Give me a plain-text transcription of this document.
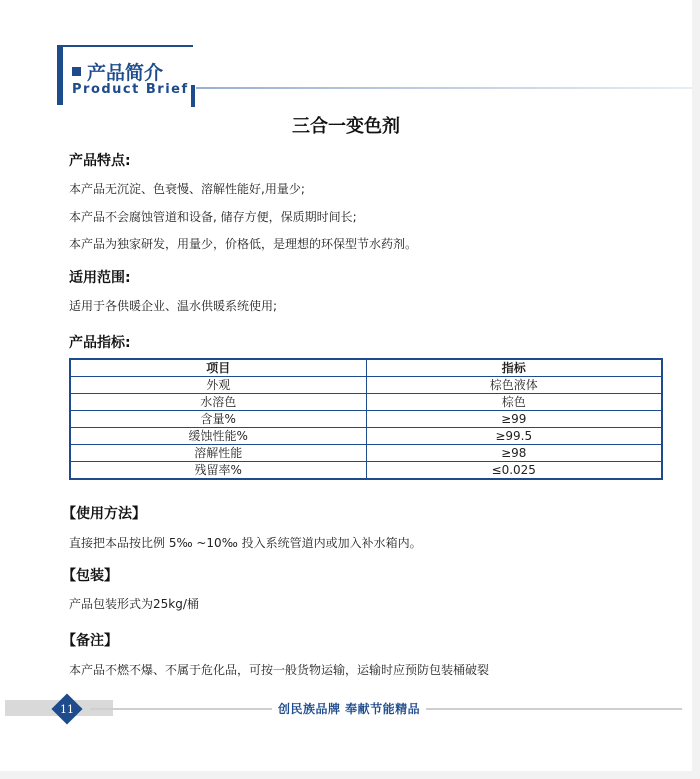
产品简介
Product Brief
三合一变色剂
产品特点:
本产品无沉淀、色衰慢、溶解性能好,用量少;
本产品不会腐蚀管道和设备, 储存方便，保质期时间长;
本产品为独家研发，用量少，价格低，是理想的环保型节水药剂。
适用范围:
适用于各供暖企业、温水供暖系统使用;
产品指标:
项目	指标
外观	棕色液体
水溶色	棕色
含量%	≥99
缓蚀性能%	≥99.5
溶解性能	≥98
残留率%	≤0.025
【使用方法】
直接把本品按比例 5‰ ~10‰ 投入系统管道内或加入补水箱内。
【包装】
产品包装形式为25kg/桶
【备注】
本产品不燃不爆、不属于危化品，可按一般货物运输，运输时应预防包装桶破裂
11	创民族品牌 奉献节能精品
